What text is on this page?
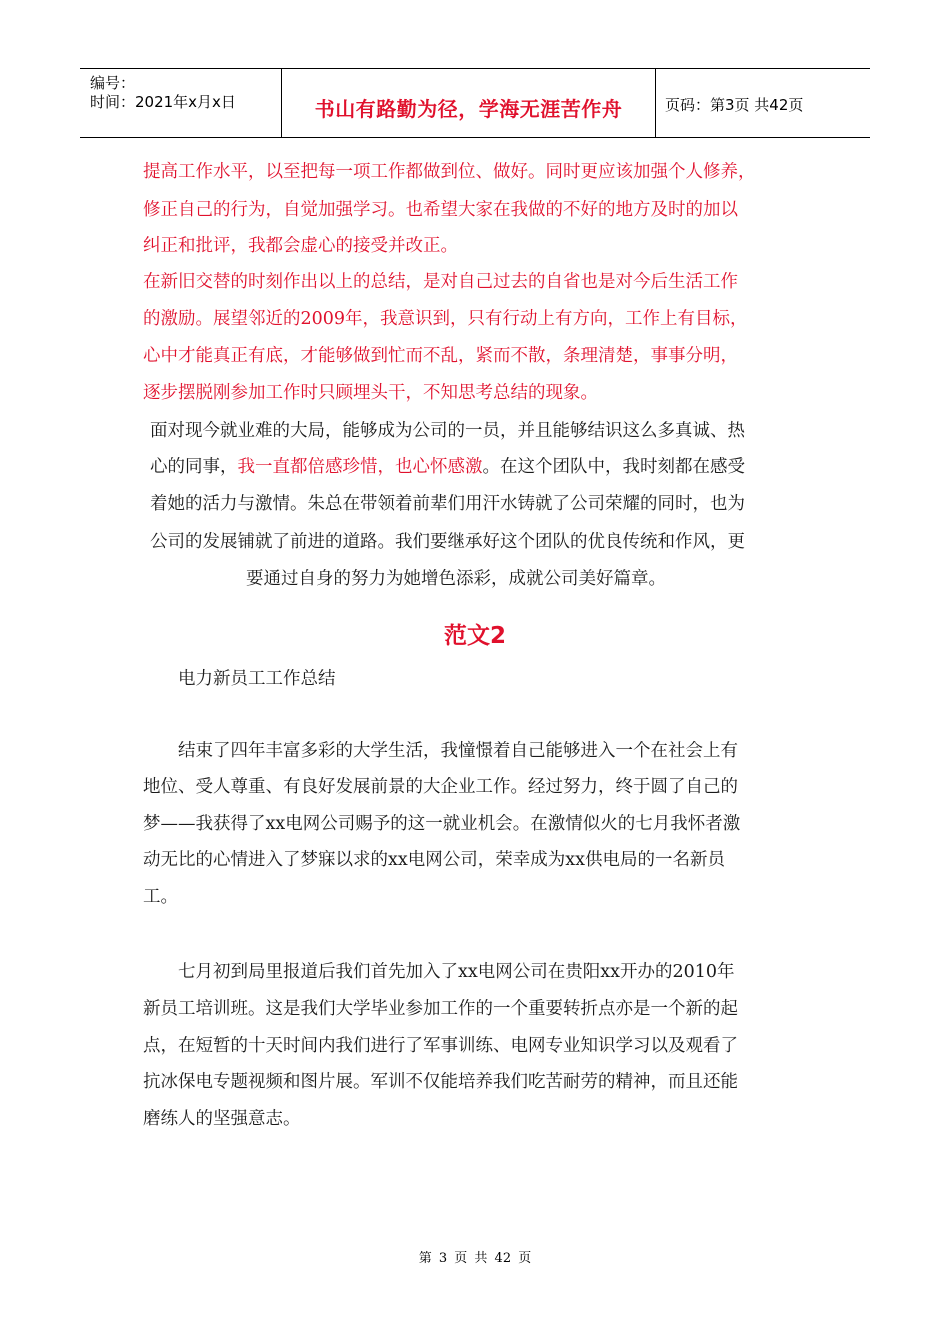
编号：
时间：2021年x月x日	书山有路勤为径，学海无涯苦作舟	页码：第3页 共42页
提高工作水平，以至把每一项工作都做到位、做好。同时更应该加强个人修养，
修正自己的行为，自觉加强学习。也希望大家在我做的不好的地方及时的加以
纠正和批评，我都会虚心的接受并改正。
在新旧交替的时刻作出以上的总结，是对自己过去的自省也是对今后生活工作
的激励。展望邻近的2009年，我意识到，只有行动上有方向，工作上有目标，
心中才能真正有底，才能够做到忙而不乱，紧而不散，条理清楚，事事分明，
逐步摆脱刚参加工作时只顾埋头干，不知思考总结的现象。
面对现今就业难的大局，能够成为公司的一员，并且能够结识这么多真诚、热
心的同事，我一直都倍感珍惜，也心怀感激。在这个团队中，我时刻都在感受
着她的活力与激情。朱总在带领着前辈们用汗水铸就了公司荣耀的同时，也为
公司的发展铺就了前进的道路。我们要继承好这个团队的优良传统和作风，更
要通过自身的努力为她增色添彩，成就公司美好篇章。
范文2
电力新员工工作总结
结束了四年丰富多彩的大学生活，我憧憬着自己能够进入一个在社会上有
地位、受人尊重、有良好发展前景的大企业工作。经过努力，终于圆了自己的
梦——我获得了xx电网公司赐予的这一就业机会。在激情似火的七月我怀者激
动无比的心情进入了梦寐以求的xx电网公司，荣幸成为xx供电局的一名新员
工。
七月初到局里报道后我们首先加入了xx电网公司在贵阳xx开办的2010年
新员工培训班。这是我们大学毕业参加工作的一个重要转折点亦是一个新的起
点，在短暂的十天时间内我们进行了军事训练、电网专业知识学习以及观看了
抗冰保电专题视频和图片展。军训不仅能培养我们吃苦耐劳的精神，而且还能
磨练人的坚强意志。
第 3 页 共 42 页
